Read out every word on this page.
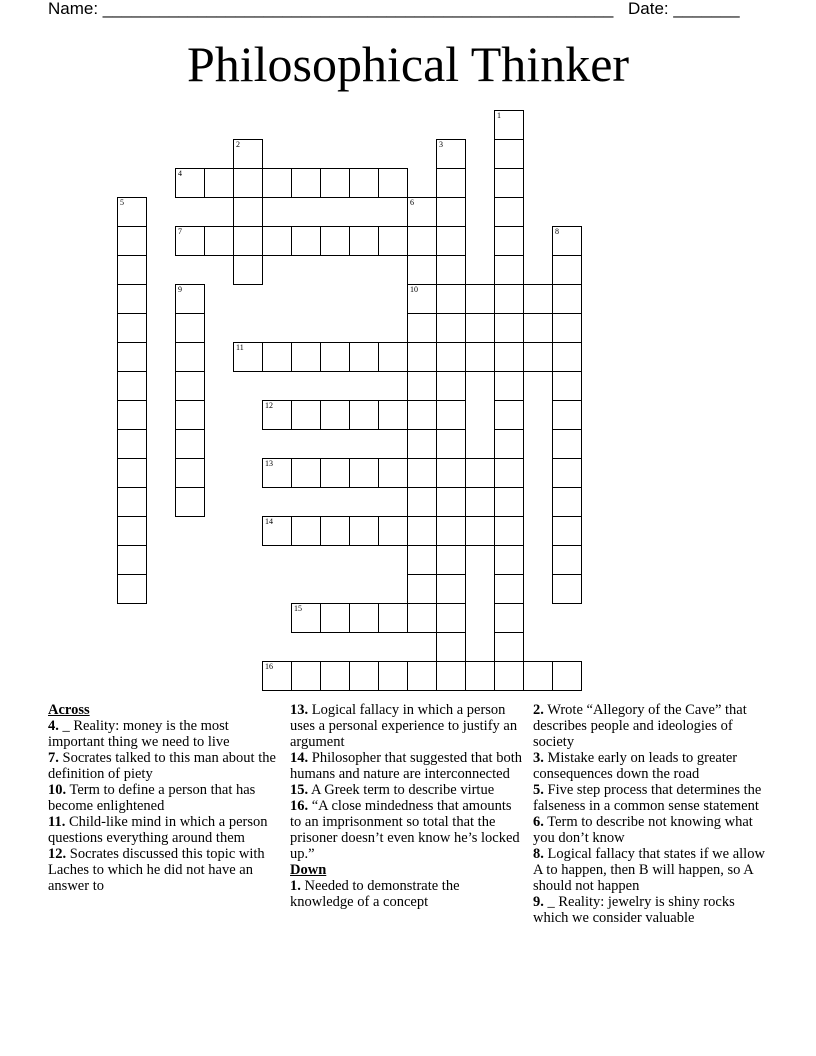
Name: ______________________________________________________ Date: _______
Philosophical Thinker
1
2	3
4
5	6
10
7	8
9
11
12
13
14
15
16

Across

4. _ Reality: money is the most important thing we need to live

7. Socrates talked to this man about the definition of piety

10. Term to define a person that has become enlightened

11. Child-like mind in which a person questions everything around them

12. Socrates discussed this topic with Laches to which he did not have an answer to

13. Logical fallacy in which a person uses a personal experience to justify an argument

14. Philosopher that suggested that both humans and nature are interconnected

15. A Greek term to describe virtue

16. “A close mindedness that amounts to an imprisonment so total that the prisoner doesn’t even know he’s locked up.”

Down

1. Needed to demonstrate the knowledge of a concept

2. Wrote “Allegory of the Cave” that describes people and ideologies of society

3. Mistake early on leads to greater consequences down the road

5. Five step process that determines the falseness in a common sense statement

6. Term to describe not knowing what you don’t know

8. Logical fallacy that states if we allow A to happen, then B will happen, so A should not happen

9. _ Reality: jewelry is shiny rocks which we consider valuable
